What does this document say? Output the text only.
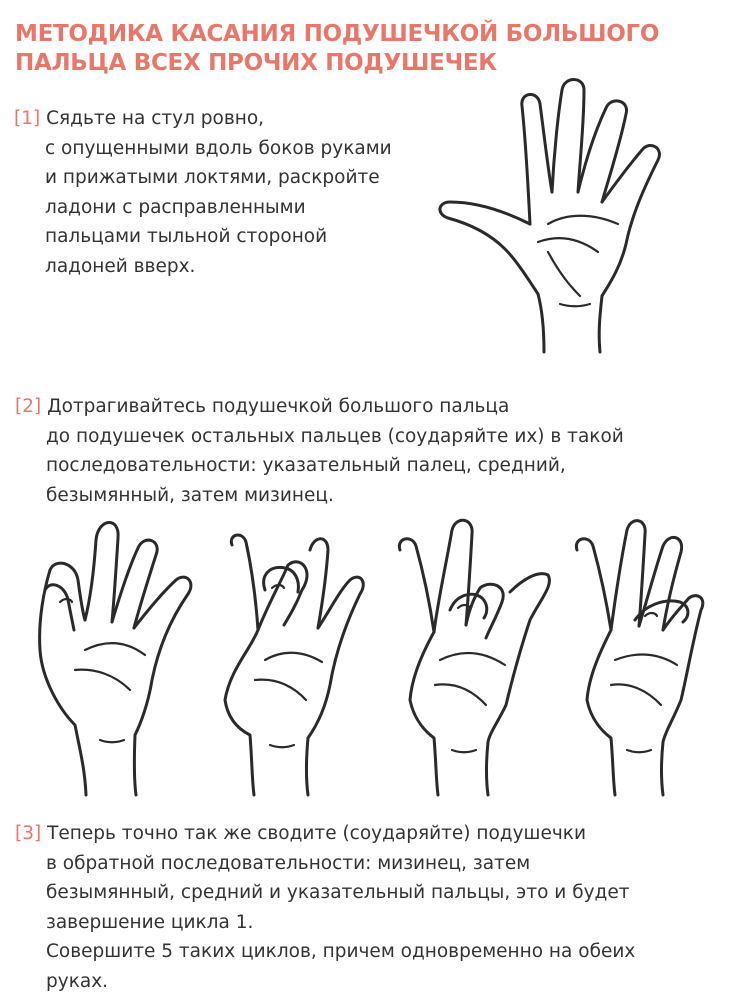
МЕТОДИКА КАСАНИЯ ПОДУШЕЧКОЙ БОЛЬШОГО
ПАЛЬЦА ВСЕХ ПРОЧИХ ПОДУШЕЧЕК
[1] Сядьте на стул ровно,
с опущенными вдоль боков руками
и прижатыми локтями, раскройте
ладони с расправленными
пальцами тыльной стороной
ладоней вверх.
[2] Дотрагивайтесь подушечкой большого пальца
до подушечек остальных пальцев (соударяйте их) в такой
последовательности: указательный палец, средний,
безымянный, затем мизинец.
[3] Теперь точно так же сводите (соударяйте) подушечки
в обратной последовательности: мизинец, затем
безымянный, средний и указательный пальцы, это и будет
завершение цикла 1.
Совершите 5 таких циклов, причем одновременно на обеих
руках.
